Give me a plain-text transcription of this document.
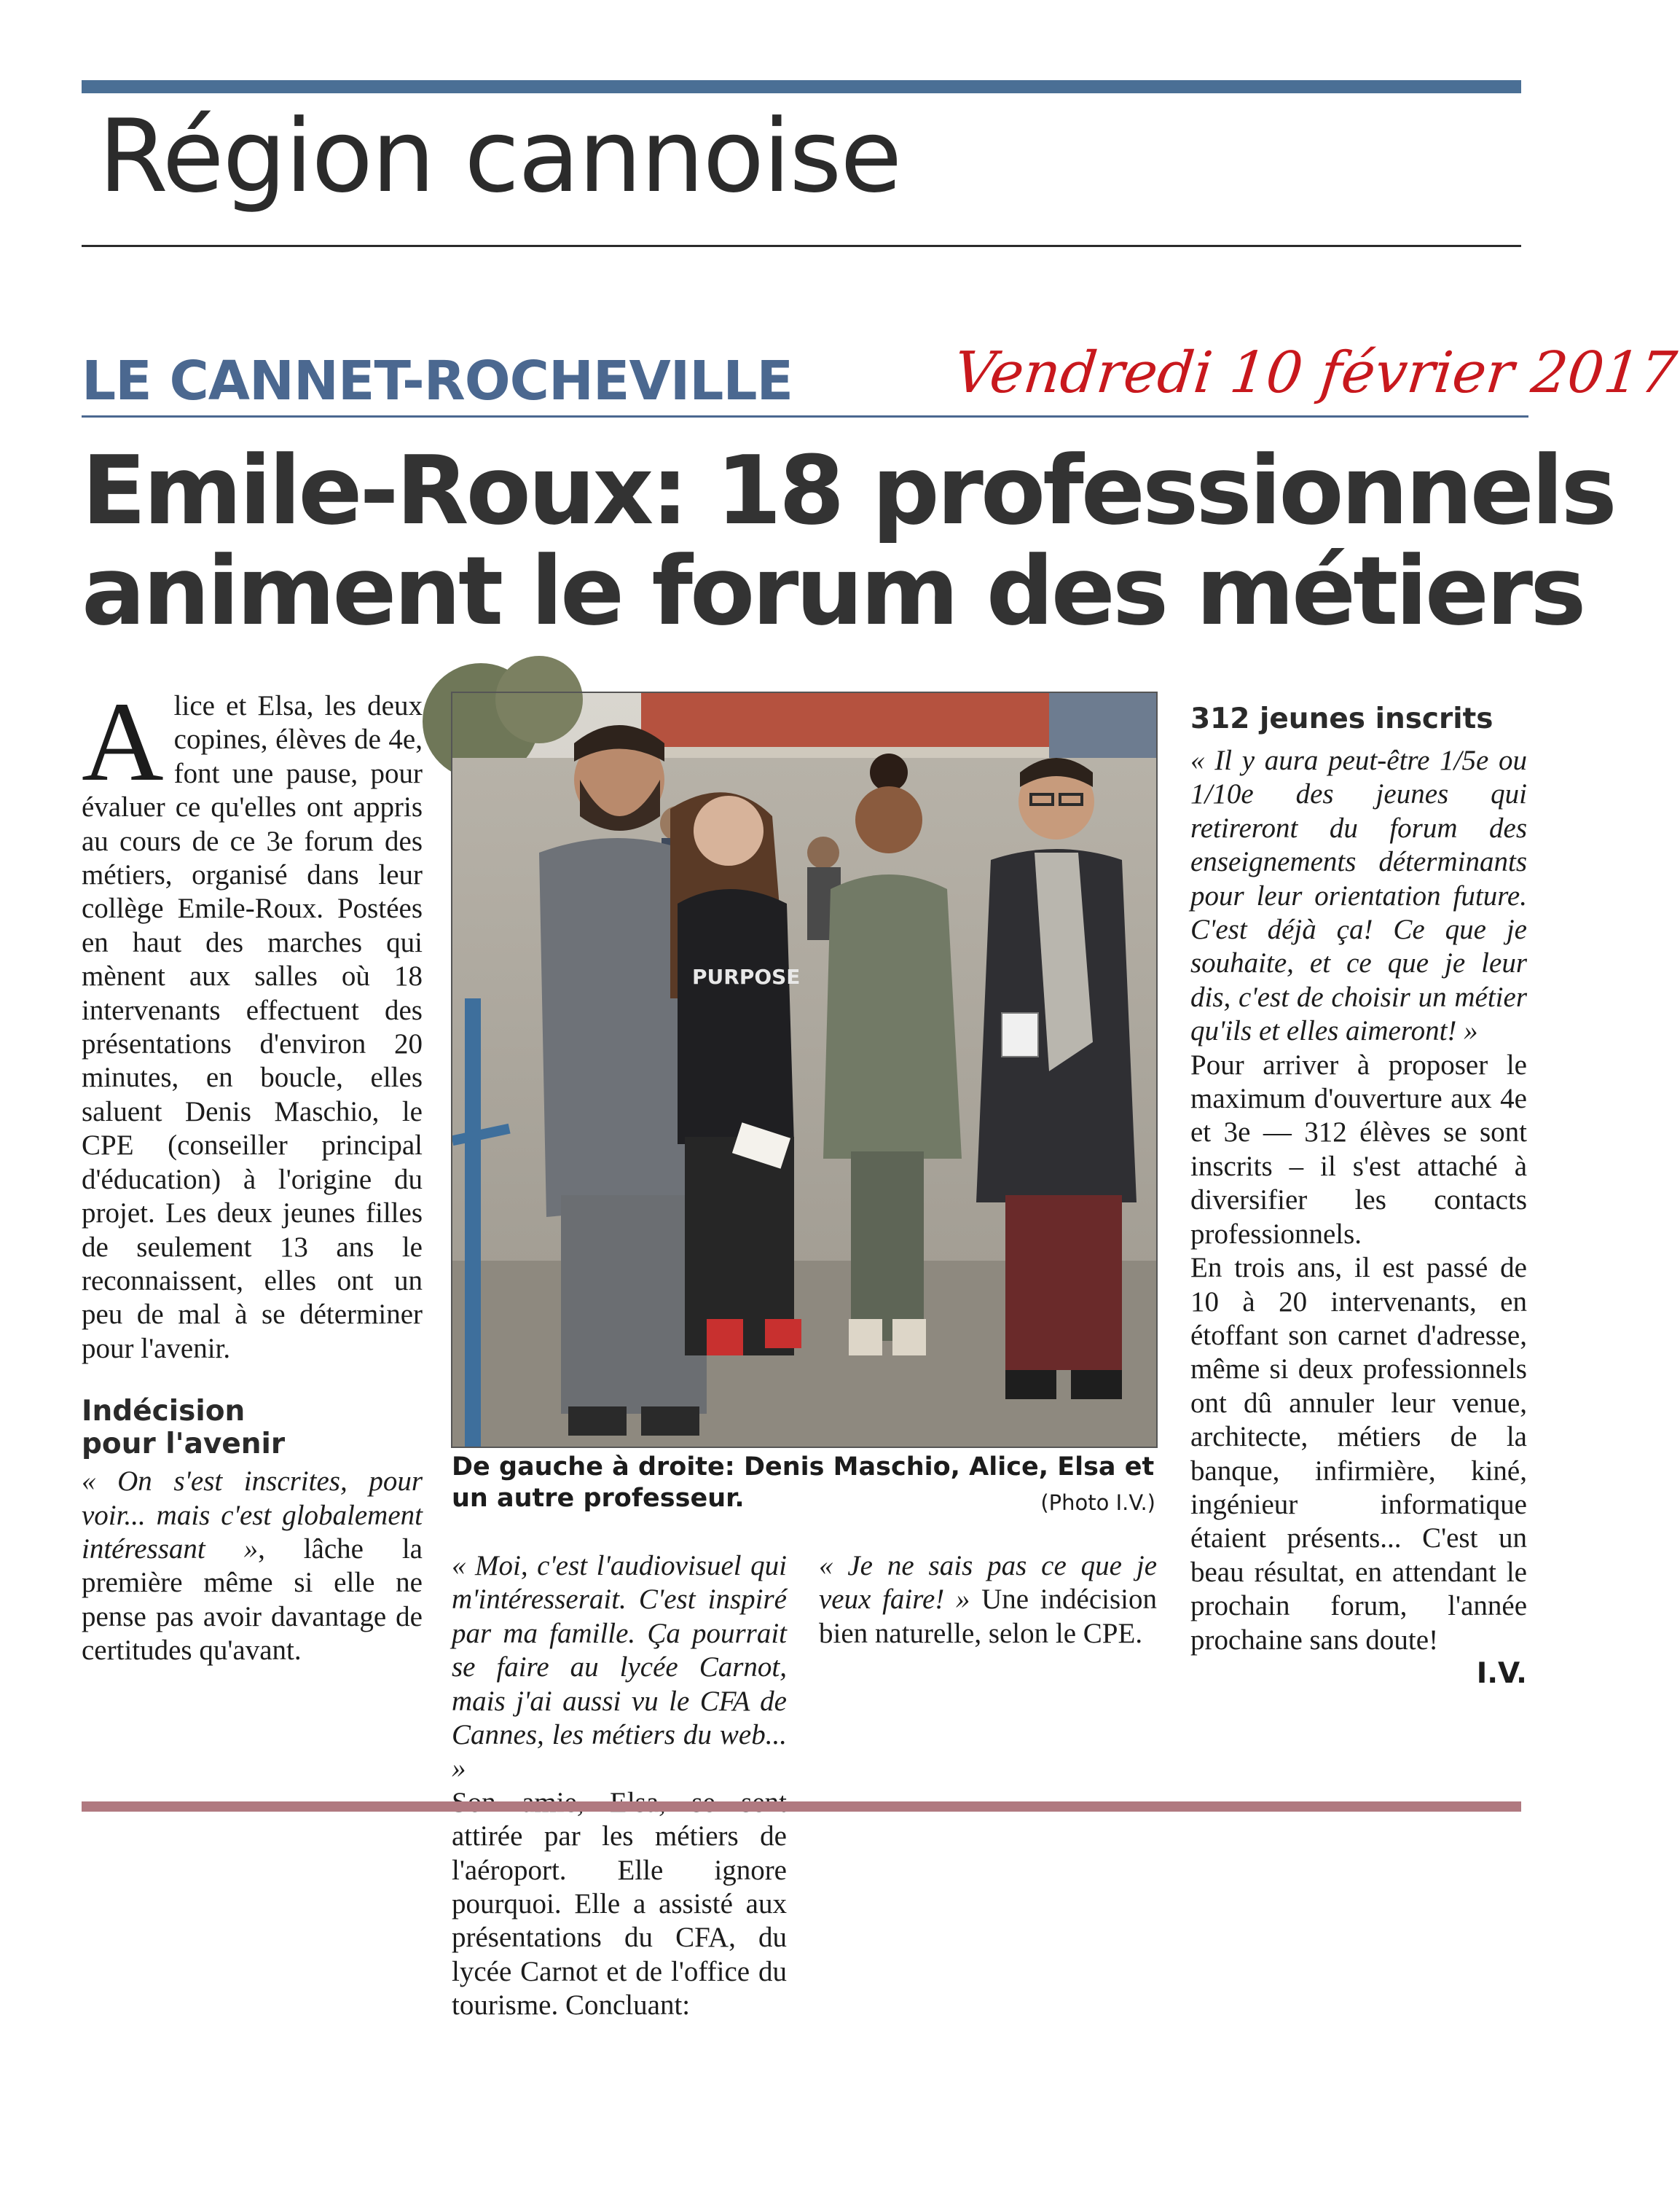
Région cannoise
LE CANNET-ROCHEVILLE	Vendredi 10 février 2017
Emile-Roux: 18 professionnels
animent le forum des métiers

Alice et Elsa, les deux copines, élèves de 4e, font une pause, pour évaluer ce qu'elles ont appris au cours de ce 3e forum des métiers, organisé dans leur collège Emile-Roux. Postées en haut des marches qui mènent aux salles où 18 intervenants effectuent des présentations d'environ 20 minutes, en boucle, elles saluent Denis Maschio, le CPE (conseiller principal d'éducation) à l'origine du projet. Les deux jeunes filles de seulement 13 ans le reconnaissent, elles ont un peu de mal à se déterminer pour l'avenir.

Indécision
pour l'avenir

« On s'est inscrites, pour voir... mais c'est globalement intéressant », lâche la première même si elle ne pense pas avoir davantage de certitudes qu'avant.

PURPOSE
De gauche à droite: Denis Maschio, Alice, Elsa et un autre professeur.	(Photo I.V.)

« Moi, c'est l'audiovisuel qui m'intéresserait. C'est inspiré par ma famille. Ça pourrait se faire au lycée Carnot, mais j'ai aussi vu le CFA de Cannes, les métiers du web... »

attirée par les métiers de l'aéroport. Elle ignore pourquoi. Elle a assisté aux présentations du CFA, du lycée Carnot et de l'office du tourisme. Concluant:

« Je ne sais pas ce que je veux faire! » Une indécision bien naturelle, selon le CPE.

312 jeunes inscrits

« Il y aura peut-être 1/5e ou 1/10e des jeunes qui retireront du forum des enseignements déterminants pour leur orientation future. C'est déjà ça! Ce que je souhaite, et ce que je leur dis, c'est de choisir un métier qu'ils et elles aimeront! »

Pour arriver à proposer le maximum d'ouverture aux 4e et 3e — 312 élèves se sont inscrits – il s'est attaché à diversifier les contacts professionnels.

En trois ans, il est passé de 10 à 20 intervenants, en étoffant son carnet d'adresse, même si deux professionnels ont dû annuler leur venue, architecte, métiers de la banque, infirmière, kiné, ingénieur informatique étaient présents... C'est un beau résultat, en attendant le prochain forum, l'année prochaine sans doute!

I.V.
